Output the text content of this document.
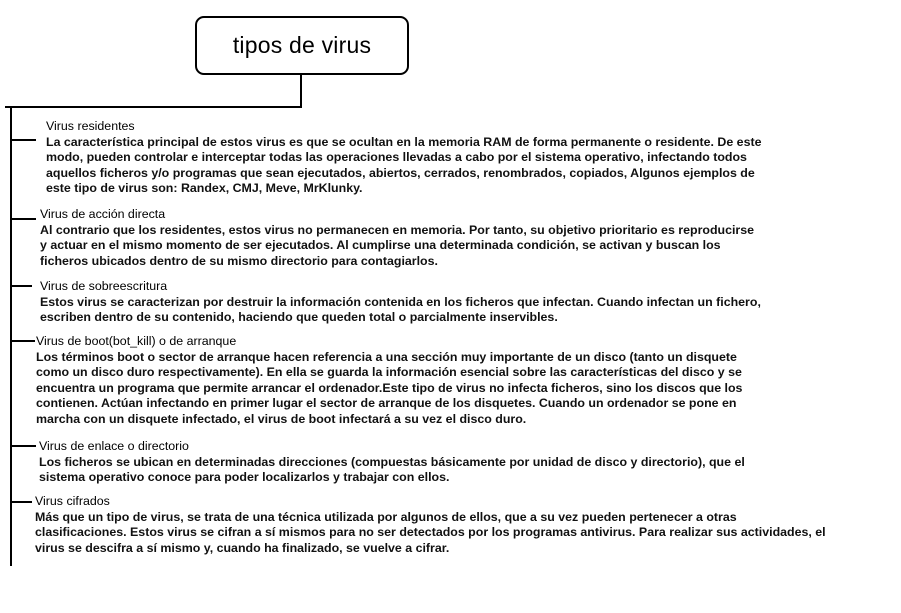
tipos de virus
Virus residentes
La característica principal de estos virus es que se ocultan en la memoria RAM de forma permanente o residente. De este
modo, pueden controlar e interceptar todas las operaciones llevadas a cabo por el sistema operativo, infectando todos
aquellos ficheros y/o programas que sean ejecutados, abiertos, cerrados, renombrados, copiados, Algunos ejemplos de
este tipo de virus son: Randex, CMJ, Meve, MrKlunky.
Virus de acción directa
Al contrario que los residentes, estos virus no permanecen en memoria. Por tanto, su objetivo prioritario es reproducirse
y actuar en el mismo momento de ser ejecutados. Al cumplirse una determinada condición, se activan y buscan los
ficheros ubicados dentro de su mismo directorio para contagiarlos.
Virus de sobreescritura
Estos virus se caracterizan por destruir la información contenida en los ficheros que infectan. Cuando infectan un fichero,
escriben dentro de su contenido, haciendo que queden total o parcialmente inservibles.
Virus de boot(bot_kill) o de arranque
Los términos boot o sector de arranque hacen referencia a una sección muy importante de un disco (tanto un disquete
como un disco duro respectivamente). En ella se guarda la información esencial sobre las características del disco y se
encuentra un programa que permite arrancar el ordenador.Este tipo de virus no infecta ficheros, sino los discos que los
contienen. Actúan infectando en primer lugar el sector de arranque de los disquetes. Cuando un ordenador se pone en
marcha con un disquete infectado, el virus de boot infectará a su vez el disco duro.
Virus de enlace o directorio
Los ficheros se ubican en determinadas direcciones (compuestas básicamente por unidad de disco y directorio), que el
sistema operativo conoce para poder localizarlos y trabajar con ellos.
Virus cifrados
Más que un tipo de virus, se trata de una técnica utilizada por algunos de ellos, que a su vez pueden pertenecer a otras
clasificaciones. Estos virus se cifran a sí mismos para no ser detectados por los programas antivirus. Para realizar sus actividades, el
virus se descifra a sí mismo y, cuando ha finalizado, se vuelve a cifrar.
